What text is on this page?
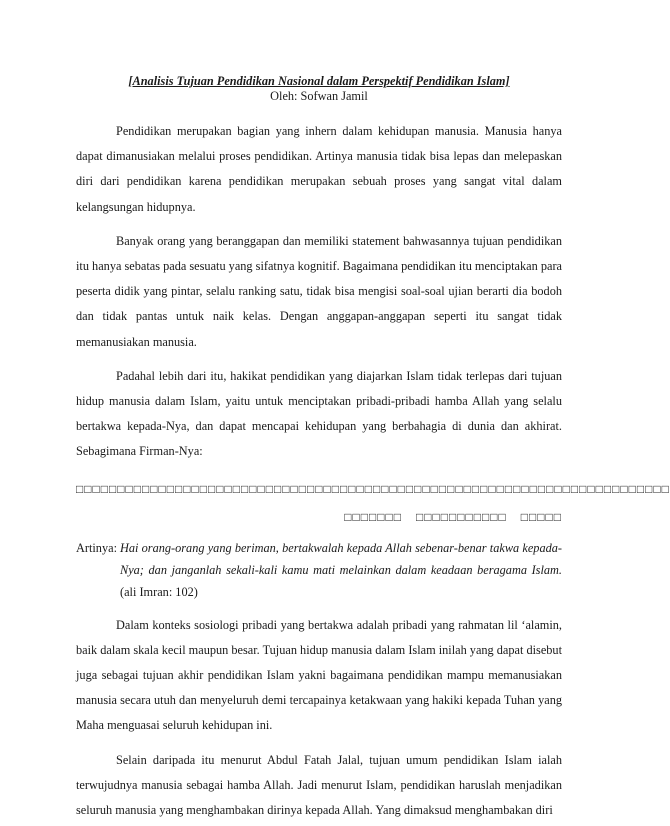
[Analisis Tujuan Pendidikan Nasional dalam Perspektif Pendidikan Islam]

Oleh: Sofwan Jamil

Pendidikan merupakan bagian yang inhern dalam kehidupan manusia. Manusia hanya dapat dimanusiakan melalui proses pendidikan. Artinya manusia tidak bisa lepas dan melepaskan diri dari pendidikan karena pendidikan merupakan sebuah proses yang sangat vital dalam kelangsungan hidupnya.

Banyak orang yang beranggapan dan memiliki statement bahwasannya tujuan pendidikan itu hanya sebatas pada sesuatu yang sifatnya kognitif. Bagaimana pendidikan itu menciptakan para peserta didik yang pintar, selalu ranking satu, tidak bisa mengisi soal-soal ujian berarti dia bodoh dan tidak pantas untuk naik kelas. Dengan anggapan-anggapan seperti itu sangat tidak memanusiakan manusia.

Padahal lebih dari itu, hakikat pendidikan yang diajarkan Islam tidak terlepas dari tujuan hidup manusia dalam Islam, yaitu untuk menciptakan pribadi-pribadi hamba Allah yang selalu bertakwa kepada-Nya, dan dapat mencapai kehidupan yang berbahagia di dunia dan akhirat. Sebagimana Firman-Nya:

□□□□□□□□□□□ □□□□□□□□□ □□□□□□□□□□ □□□□□□□□ □□□□ □□□□ □□□□□□□□□ □□□□ □□□□□□□□□ □□□□
□□□□□□□ □□□□□□□□□□□ □□□□□
Artinya: Hai orang-orang yang beriman, bertakwalah kepada Allah sebenar-benar takwa kepada-Nya; dan janganlah sekali-kali kamu mati melainkan dalam keadaan beragama Islam. (ali Imran: 102)

Dalam konteks sosiologi pribadi yang bertakwa adalah pribadi yang rahmatan lil ‘alamin, baik dalam skala kecil maupun besar. Tujuan hidup manusia dalam Islam inilah yang dapat disebut juga sebagai tujuan akhir pendidikan Islam yakni bagaimana pendidikan mampu memanusiakan manusia secara utuh dan menyeluruh demi tercapainya ketakwaan yang hakiki kepada Tuhan yang Maha menguasai seluruh kehidupan ini.

Selain daripada itu menurut Abdul Fatah Jalal, tujuan umum pendidikan Islam ialah terwujudnya manusia sebagai hamba Allah. Jadi menurut Islam, pendidikan haruslah menjadikan seluruh manusia yang menghambakan dirinya kepada Allah. Yang dimaksud menghambakan diri
